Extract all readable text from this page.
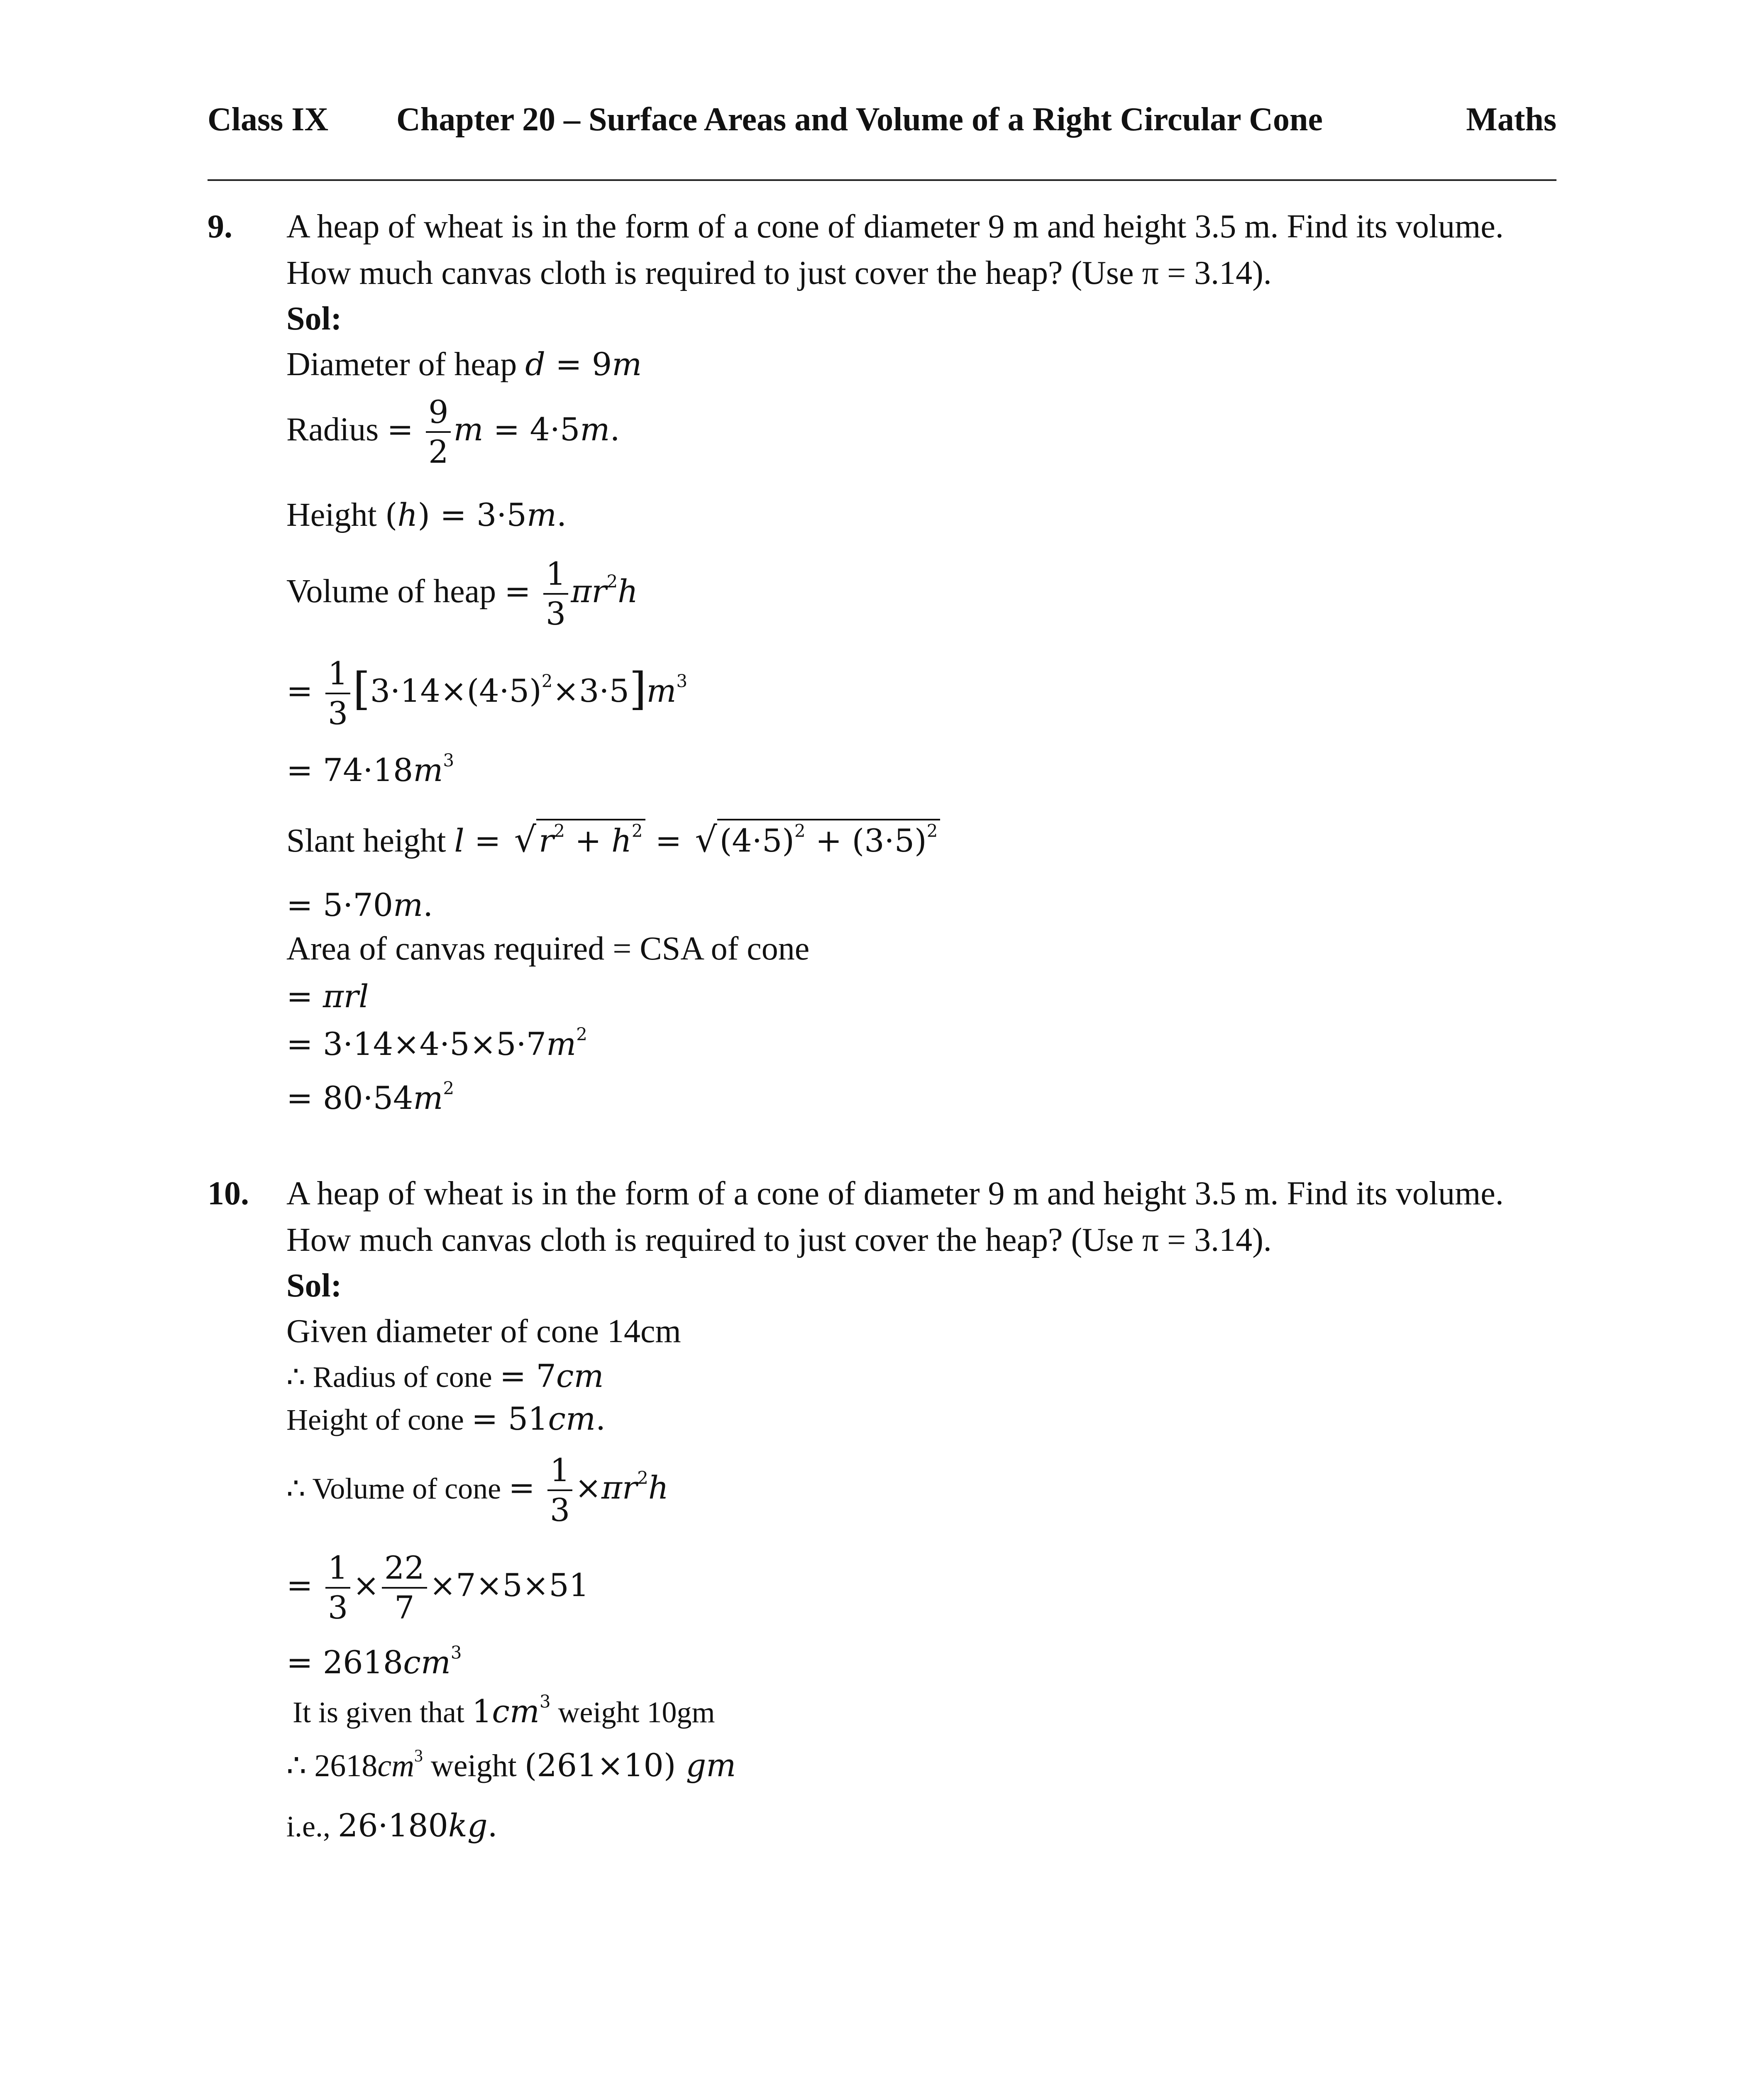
Class IX Chapter 20 – Surface Areas and Volume of a Right Circular Cone	Maths
9. A heap of wheat is in the form of a cone of diameter 9 m and height 3.5 m. Find its volume.
How much canvas cloth is required to just cover the heap? (Use π = 3.14).
Sol:
Diameter of heap d = 9m
Radius = $\frac{9}{2}$ m = 4·5m.
Height (h) = 3·5m.
Volume of heap = $\frac{1}{3} \pi r^2h$
= $\frac{1}{3} [3\cdot 14\times(4\cdot 5)^2\times 3\cdot 5]m^3$
= $74\cdot 18m^3$
Slant height $l = √r^2 + h^2 = √(4\cdot 5)^2 + (3\cdot 5)^2$
= 5·70m.
Area of canvas required = CSA of cone
= πrl
= $3\cdot 14\times 4\cdot 5\times 5\cdot 7m^2$
= $80\cdot 54m^2$
10. A heap of wheat is in the form of a cone of diameter 9 m and height 3.5 m. Find its volume.
How much canvas cloth is required to just cover the heap? (Use π = 3.14).
Sol:
Given diameter of cone 14cm
∴ Radius of cone = 7cm
Height of cone = 51cm.
∴ Volume of cone = $\frac{1}{3} \times\pi r^2h$
= $\frac{1}{3} \times \frac{22}{7} \times 7\times 5\times 51$
= $2618cm^3$
It is given that $1cm^3$ weight 10gm
∴ $2618cm^3$ weight (261×10) gm
i.e., 26·180kg.
